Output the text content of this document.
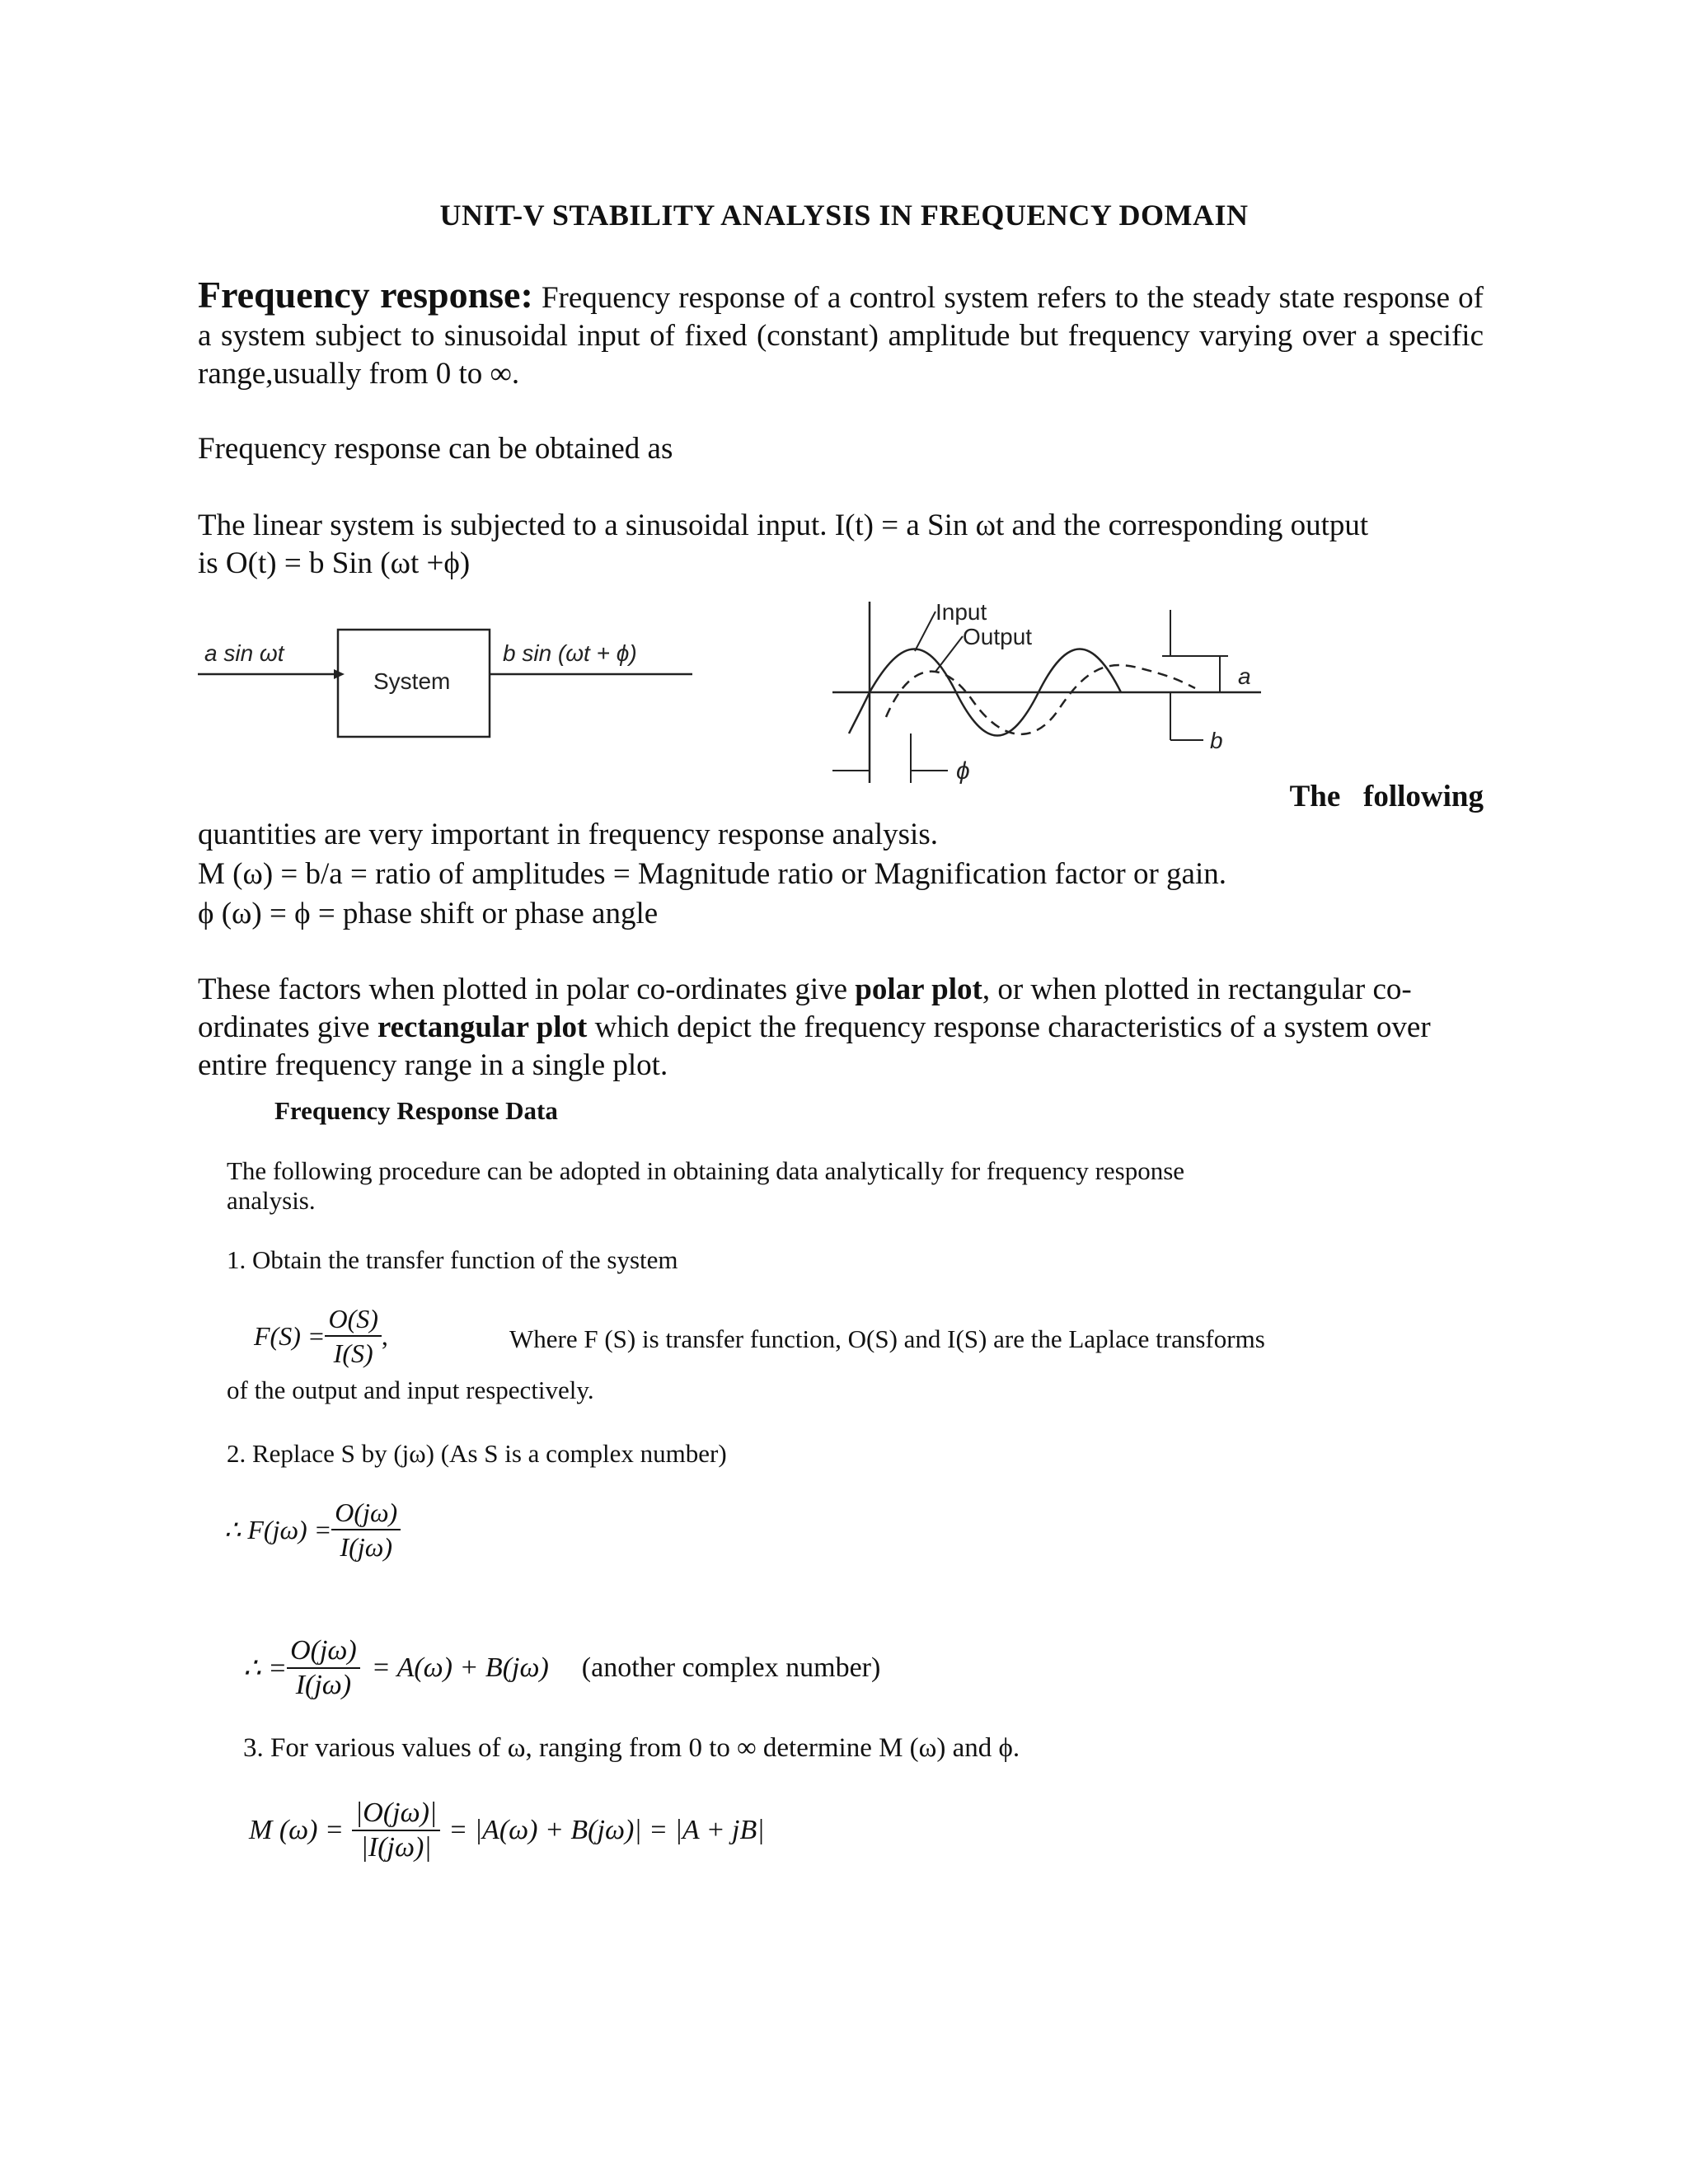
UNIT-V STABILITY ANALYSIS IN FREQUENCY DOMAIN
Frequency response: Frequency response of a control system refers to the steady state response of a system subject to sinusoidal input of fixed (constant) amplitude but frequency varying over a specific range,usually from 0 to ∞.
Frequency response can be obtained as
The linear system is subjected to a sinusoidal input. I(t) = a Sin ωt and the corresponding output
is O(t) = b Sin (ωt +ϕ)
a sin ωt
System
b sin (ωt + ϕ)
a
b
ϕ
Input
Output
The   following
quantities are very important in frequency response analysis.
M (ω) = b/a = ratio of amplitudes = Magnitude ratio or Magnification factor or gain.
ϕ (ω) = ϕ = phase shift or phase angle
These factors when plotted in polar co-ordinates give polar plot, or when plotted in rectangular co-ordinates give rectangular plot which depict the frequency response characteristics of a system over entire frequency range in a single plot.
Frequency Response Data
The following procedure can be adopted in obtaining data analytically for frequency response
analysis.
1. Obtain the transfer function of the system
$F(S) = \frac{O(S)}{I(S)}$ ,	Where F (S) is transfer function, O(S) and I(S) are the Laplace transforms
of the output and input respectively.
2. Replace S by (jω) (As S is a complex number)
∴ $F(j\omega) = \frac{O(j\omega)}{I(j\omega)}$
∴ = $\frac{O(j\omega)}{I(j\omega)} = A(\omega) + B(j\omega)$ (another complex number)
3. For various values of ω, ranging from 0 to ∞ determine M (ω) and ϕ.
M $(\omega) = \frac{|O(j\omega)|}{|I(j\omega)|} = |A(\omega) + B(j\omega)| = |A + jB|$
